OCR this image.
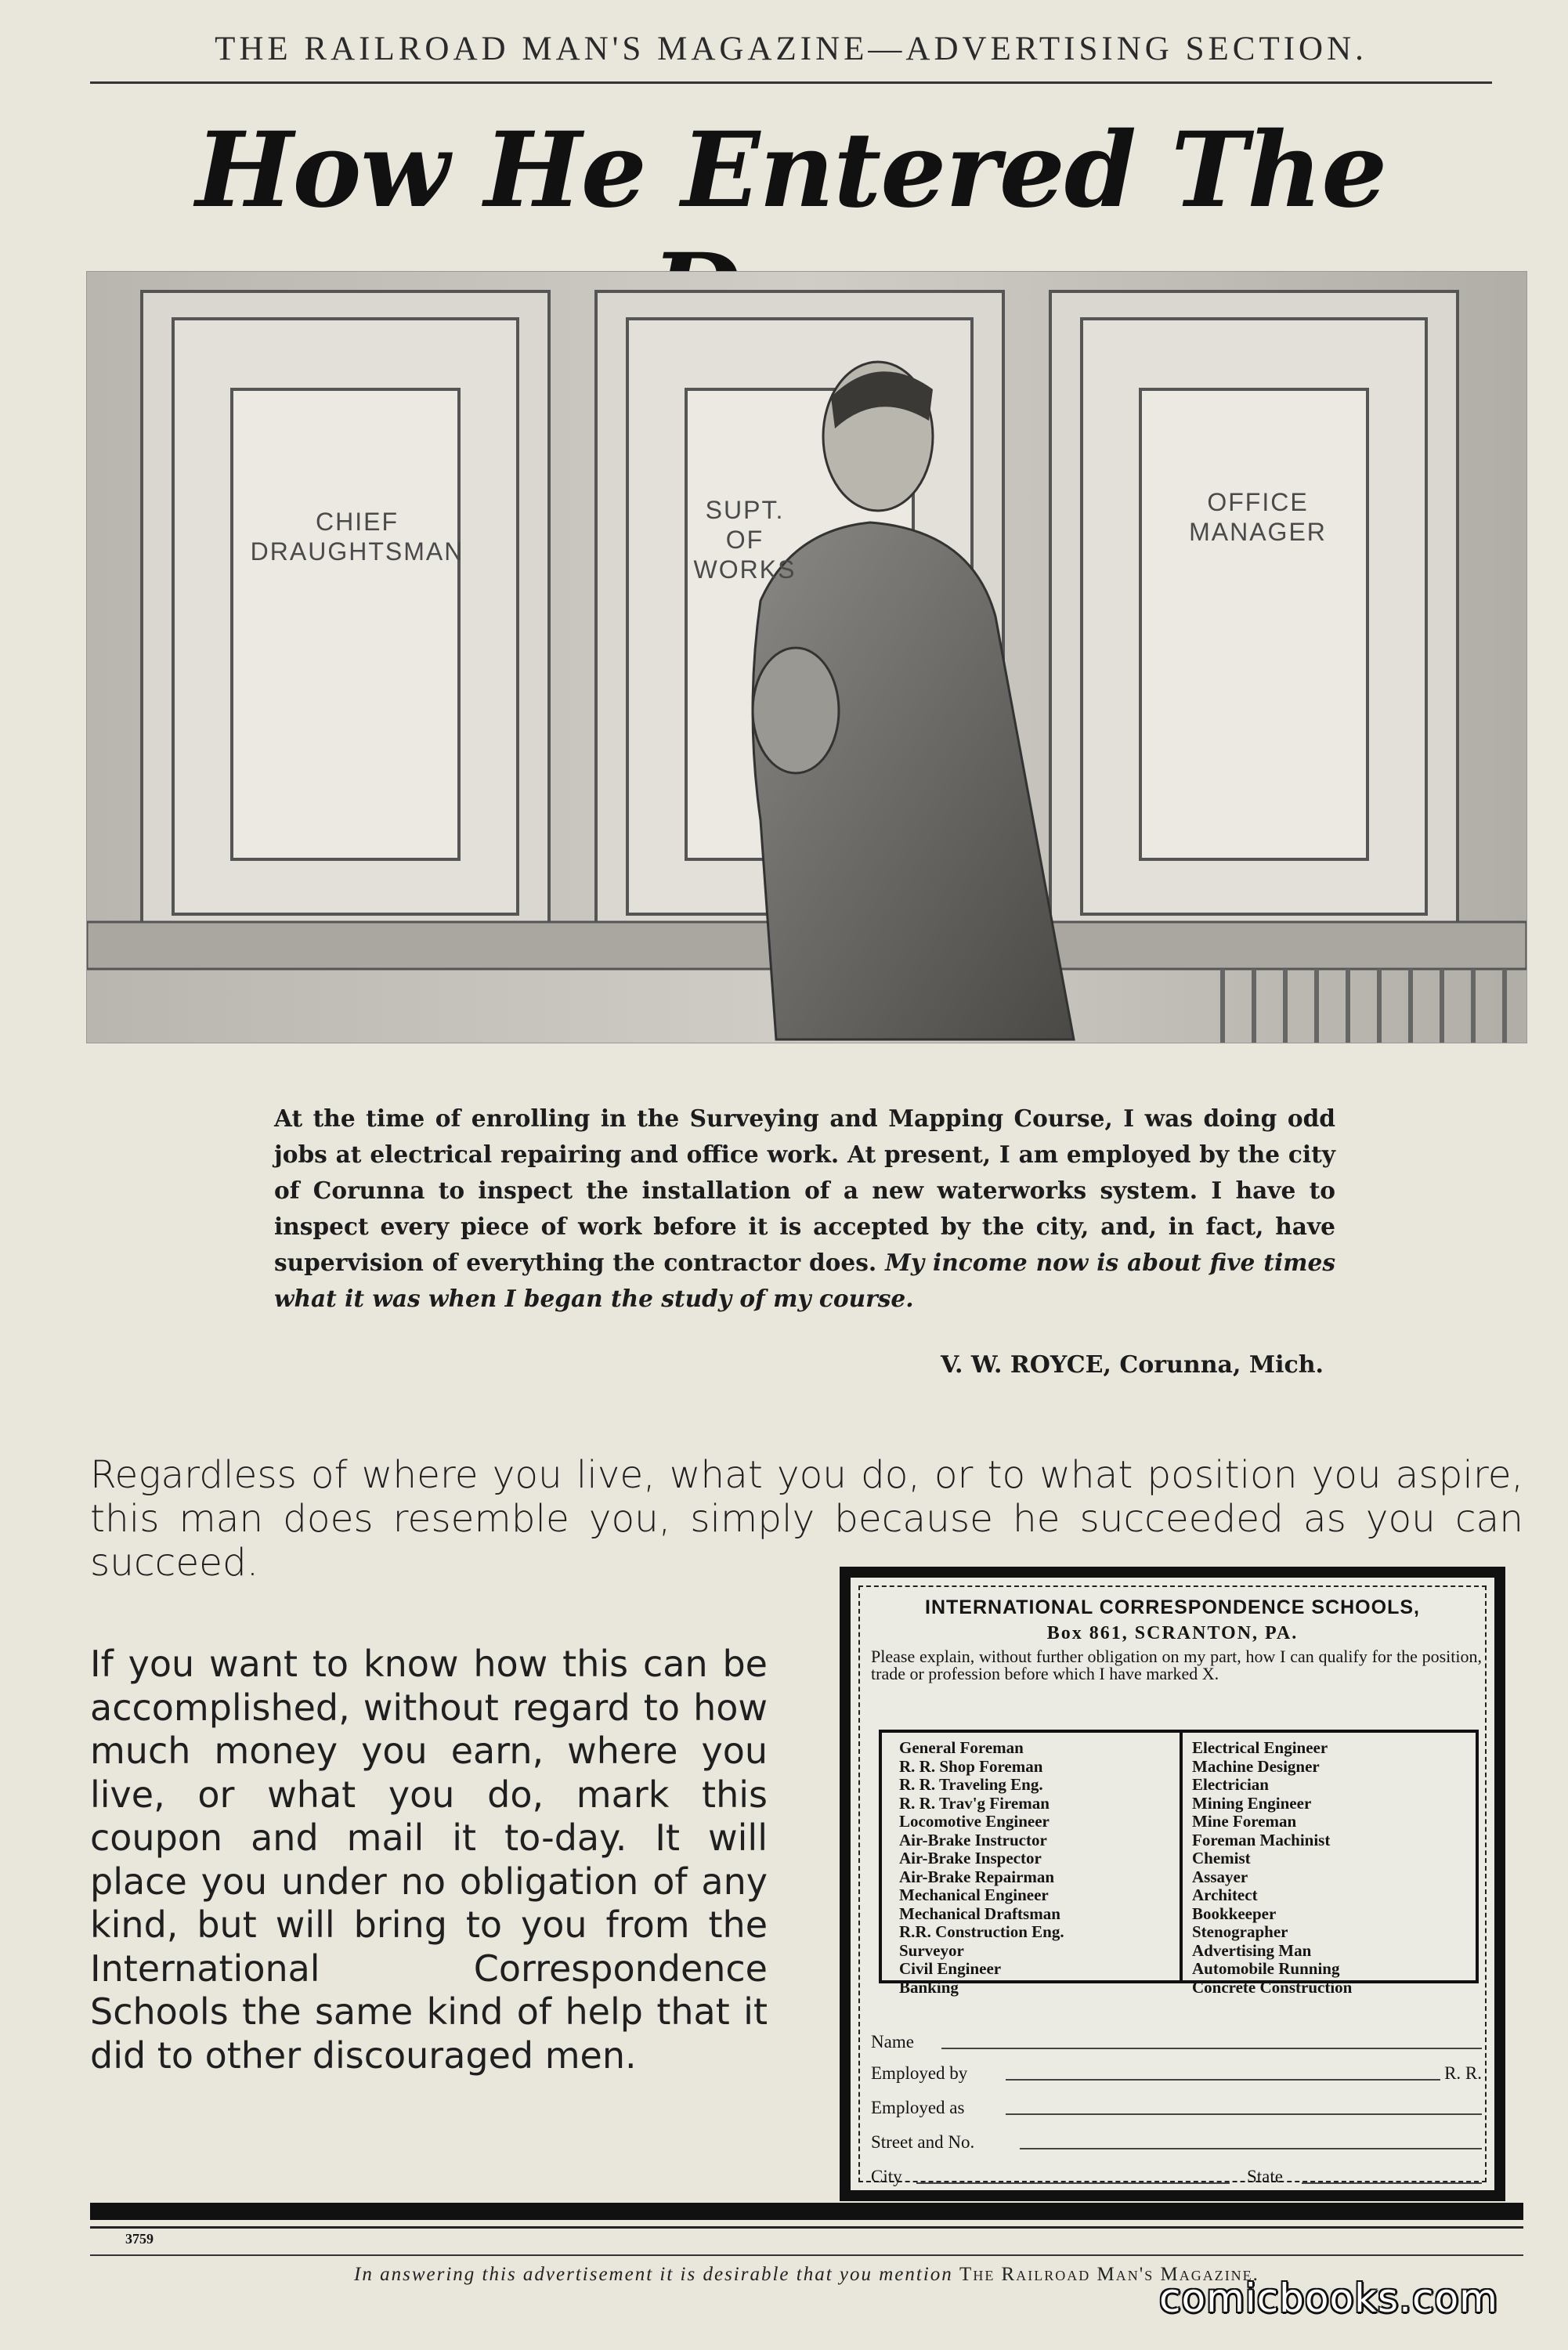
THE RAILROAD MAN'S MAGAZINE—ADVERTISING SECTION.
How He Entered The
CHIEF
DRAUGHTSMAN
SUPT.
OF
WORKS
OFFICE
MANAGER
At the time of enrolling in the Surveying and Mapping Course, I was doing odd jobs at electrical repairing and office work. At present, I am employed by the city of Corunna to inspect the installation of a new waterworks system. I have to inspect every piece of work before it is accepted by the city, and, in fact, have supervision of everything the contractor does. My income now is about five times what it was when I began the study of my course.
V. W. ROYCE, Corunna, Mich.
Regardless of where you live, what you do, or to what position you aspire, this man does resemble you, simply because he succeeded as you can succeed.
If you want to know how this can be accomplished, without regard to how much money you earn, where you live, or what you do, mark this coupon and mail it to-day. It will place you under no obligation of any kind, but will bring to you from the International Correspondence Schools the same kind of help that it did to other discouraged men.
INTERNATIONAL CORRESPONDENCE SCHOOLS,
Box 861, SCRANTON, PA.
Please explain, without further obligation on my part, how I can qualify for the position, trade or profession before which I have marked X.
General Foreman
R. R. Shop Foreman
R. R. Traveling Eng.
R. R. Trav'g Fireman
Locomotive Engineer
Air-Brake Instructor
Air-Brake Inspector
Air-Brake Repairman
Mechanical Engineer
Mechanical Draftsman
R.R. Construction Eng.
Surveyor
Civil Engineer
Banking
Electrical Engineer
Machine Designer
Electrician
Mining Engineer
Mine Foreman
Foreman Machinist
Chemist
Assayer
Architect
Bookkeeper
Stenographer
Advertising Man
Automobile Running
Concrete Construction
Name
Employed by	R. R.
Employed as
Street and No.
City	State
3759
In answering this advertisement it is desirable that you mention The Railroad Man's Magazine.
comicbooks.com
